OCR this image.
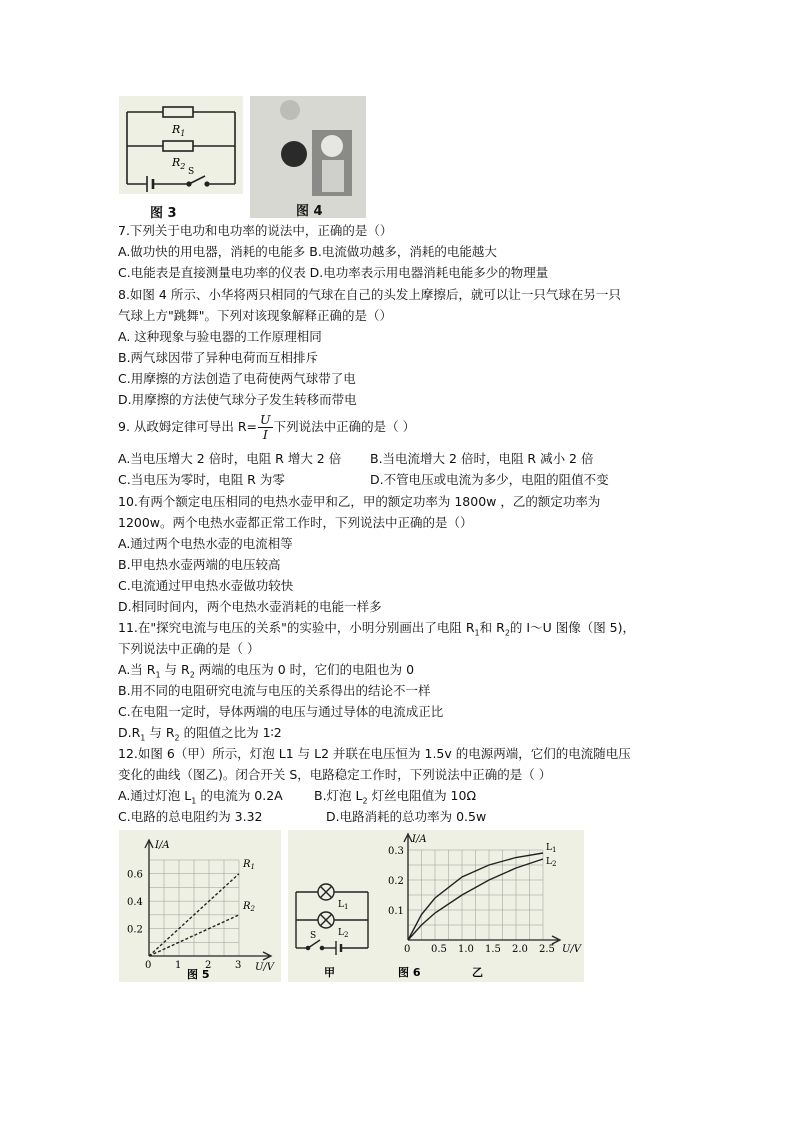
$R_1$
$R_2$
S
图 3	图 4
7.下列关于电功和电功率的说法中，正确的是（）
A.做功快的用电器，消耗的电能多 B.电流做功越多，消耗的电能越大
C.电能表是直接测量电功率的仪表 D.电功率表示用电器消耗电能多少的物理量
8.如图 4 所示、小华将两只相同的气球在自己的头发上摩擦后，就可以让一只气球在另一只
气球上方"跳舞"。下列对该现象解释正确的是（）
A. 这种现象与验电器的工作原理相同
B.两气球因带了异种电荷而互相排斥
C.用摩擦的方法创造了电荷使两气球带了电
D.用摩擦的方法使气球分子发生转移而带电
9. 从政姆定律可导出 $R= \frac{U}{I}$ 下列说法中正确的是（ ）
A.当电压增大 2 倍时，电阻 R 增大 2 倍 B.当电流增大 2 倍时，电阻 R 减小 2 倍
C.当电压为零时，电阻 R 为零	D.不管电压或电流为多少，电阻的阻值不变
10.有两个额定电压相同的电热水壶甲和乙，甲的额定功率为 1800w ，乙的额定功率为
1200w。两个电热水壶都正常工作时，下列说法中正确的是（）
A.通过两个电热水壶的电流相等
B.甲电热水壶两端的电压较高
C.电流通过甲电热水壶做功较快
D.相同时间内，两个电热水壶消耗的电能一样多
11.在"探究电流与电压的关系"的实验中，小明分别画出了电阻 $R_1$和 $R_2$的 I～U 图像（图 5)，
下列说法中正确的是（ ）
A.当 $R_1$ 与 $R_2$ 两端的电压为 0 时，它们的电阻也为 0
B.用不同的电阻研究电流与电压的关系得出的结论不一样
C.在电阻一定时，导体两端的电压与通过导体的电流成正比
$D.R_1$ 与 $R_2$ 的阻值之比为 1∶2
12.如图 6（甲）所示，灯泡 L1 与 L2 并联在电压恒为 1.5v 的电源两端，它们的电流随电压
变化的曲线（图乙)。闭合开关 S，电路稳定工作时，下列说法中正确的是（ ）
A.通过灯泡 $L_1$ 的电流为 0.2A	B.灯泡 $L_2$ 灯丝电阻值为 10Ω
C.电路的总电阻约为 3.32	D.电路消耗的总功率为 0.5w
1 2 3
0.6
0.4
0.2
0
I/A
U/V
$R_1$
$R_2$
图 5
$L_1$
$L_2$
S
甲	图 6	乙
0 0.5 1.0 1.5 2.0 2.5
0.3
0.2
0.1
I/A
U/V
$L_1$
$L_2$
